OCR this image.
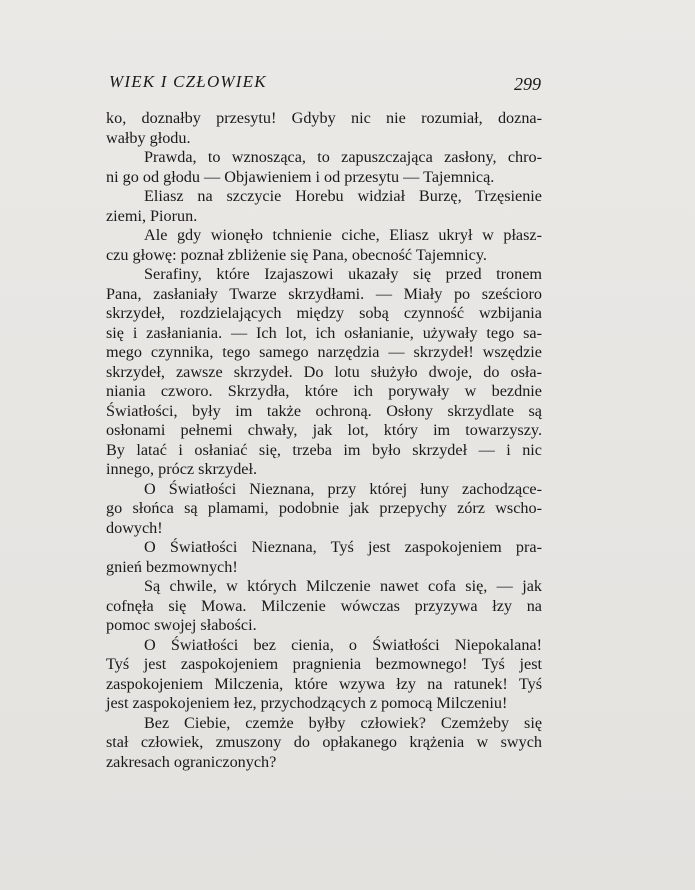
WIEK I CZŁOWIEK	299
ko, doznałby przesytu! Gdyby nic nie rozumiał, dozna-
wałby głodu.
Prawda, to wznosząca, to zapuszczająca zasłony, chro-
ni go od głodu — Objawieniem i od przesytu — Tajemnicą.
Eliasz na szczycie Horebu widział Burzę, Trzęsienie
ziemi, Piorun.
Ale gdy wionęło tchnienie ciche, Eliasz ukrył w płasz-
czu głowę: poznał zbliżenie się Pana, obecność Tajemnicy.
Serafiny, które Izajaszowi ukazały się przed tronem
Pana, zasłaniały Twarze skrzydłami. — Miały po sześcioro
skrzydeł, rozdzielających między sobą czynność wzbijania
się i zasłaniania. — Ich lot, ich osłanianie, używały tego sa-
mego czynnika, tego samego narzędzia — skrzydeł! wszędzie
skrzydeł, zawsze skrzydeł. Do lotu służyło dwoje, do osła-
niania czworo. Skrzydła, które ich porywały w bezdnie
Światłości, były im także ochroną. Osłony skrzydlate są
osłonami pełnemi chwały, jak lot, który im towarzyszy.
By latać i osłaniać się, trzeba im było skrzydeł — i nic
innego, prócz skrzydeł.
O Światłości Nieznana, przy której łuny zachodzące-
go słońca są plamami, podobnie jak przepychy zórz wscho-
dowych!
O Światłości Nieznana, Tyś jest zaspokojeniem pra-
gnień bezmownych!
Są chwile, w których Milczenie nawet cofa się, — jak
cofnęła się Mowa. Milczenie wówczas przyzywa łzy na
pomoc swojej słabości.
O Światłości bez cienia, o Światłości Niepokalana!
Tyś jest zaspokojeniem pragnienia bezmownego! Tyś jest
zaspokojeniem Milczenia, które wzywa łzy na ratunek! Tyś
jest zaspokojeniem łez, przychodzących z pomocą Milczeniu!
Bez Ciebie, czemże byłby człowiek? Czemżeby się
stał człowiek, zmuszony do opłakanego krążenia w swych
zakresach ograniczonych?
